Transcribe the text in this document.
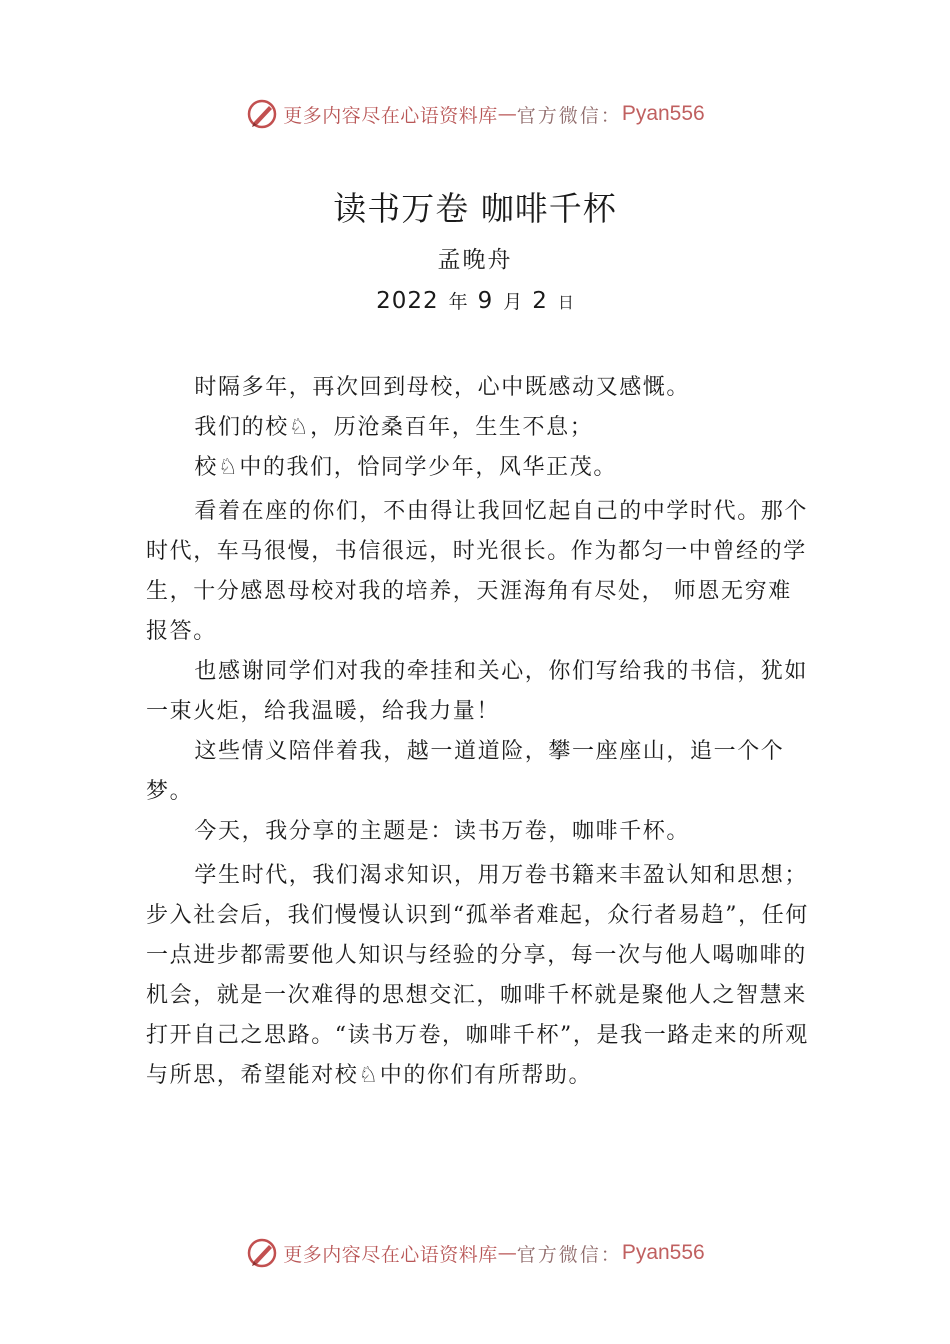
更多内容尽在心语资料库 — 官方微信： Pyan556
读书万卷 咖啡千杯
孟晚舟
2022 年 9 月 2 日

时隔多年，再次回到母校，心中既感动又感慨。

我们的校♘，历沧桑百年，生生不息；

校♘中的我们，恰同学少年，风华正茂。

看着在座的你们，不由得让我回忆起自己的中学时代。那个时代，车马很慢，书信很远，时光很长。作为都匀一中曾经的学生，十分感恩母校对我的培养，天涯海角有尽处， 师恩无穷难报答。

也感谢同学们对我的牵挂和关心，你们写给我的书信，犹如一束火炬，给我温暖，给我力量！

这些情义陪伴着我，越一道道险，攀一座座山，追一个个梦。

今天，我分享的主题是：读书万卷，咖啡千杯。

学生时代，我们渴求知识，用万卷书籍来丰盈认知和思想；步入社会后，我们慢慢认识到“孤举者难起，众行者易趋”，任何一点进步都需要他人知识与经验的分享，每一次与他人喝咖啡的机会，就是一次难得的思想交汇，咖啡千杯就是聚他人之智慧来打开自己之思路。“读书万卷，咖啡千杯”，是我一路走来的所观与所思，希望能对校♘中的你们有所帮助。

更多内容尽在心语资料库 — 官方微信： Pyan556
